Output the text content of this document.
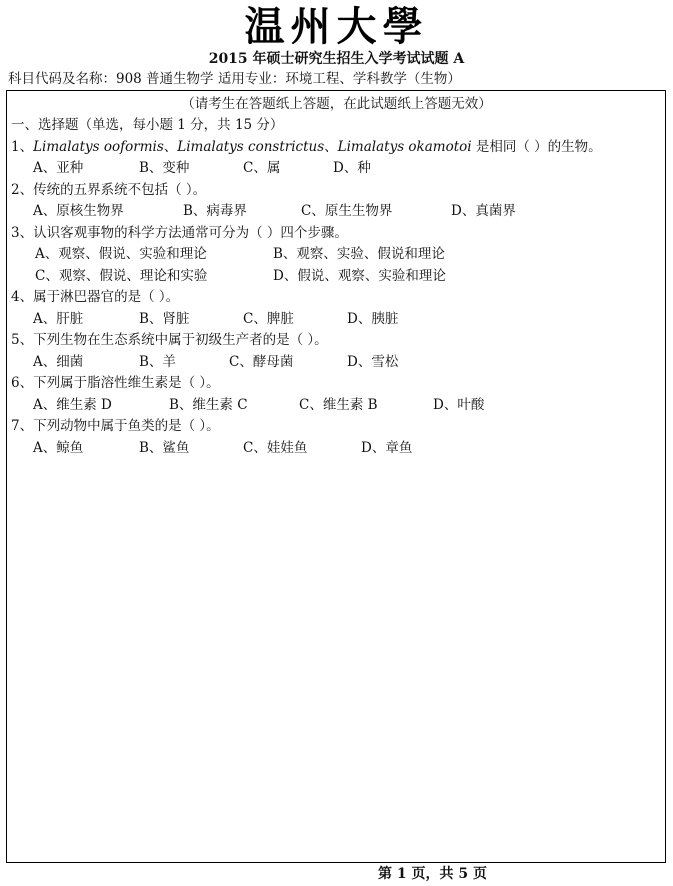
温州大學
2015 年硕士研究生招生入学考试试题 A
科目代码及名称：908 普通生物学 适用专业：环境工程、学科教学（生物）
（请考生在答题纸上答题，在此试题纸上答题无效）
一、选择题（单选，每小题 1 分，共 15 分）
1、Limalatys ooformis、Limalatys constrictus、Limalatys okamotoi 是相同（ ）的生物。
A、亚种	B、变种	C、属	D、种
2、传统的五界系统不包括（ ）。
A、原核生物界	B、病毒界	C、原生生物界	D、真菌界
3、认识客观事物的科学方法通常可分为（ ）四个步骤。
A、观察、假说、实验和理论	B、观察、实验、假说和理论
C、观察、假说、理论和实验	D、假说、观察、实验和理论
4、属于淋巴器官的是（ ）。
A、肝脏	B、肾脏	C、脾脏	D、胰脏
5、下列生物在生态系统中属于初级生产者的是（ ）。
A、细菌	B、羊	C、酵母菌	D、雪松
6、下列属于脂溶性维生素是（ ）。
A、维生素 D	B、维生素 C	C、维生素 B	D、叶酸
7、下列动物中属于鱼类的是（ ）。
A、鲸鱼	B、鲨鱼	C、娃娃鱼	D、章鱼
第 1 页，共 5 页
